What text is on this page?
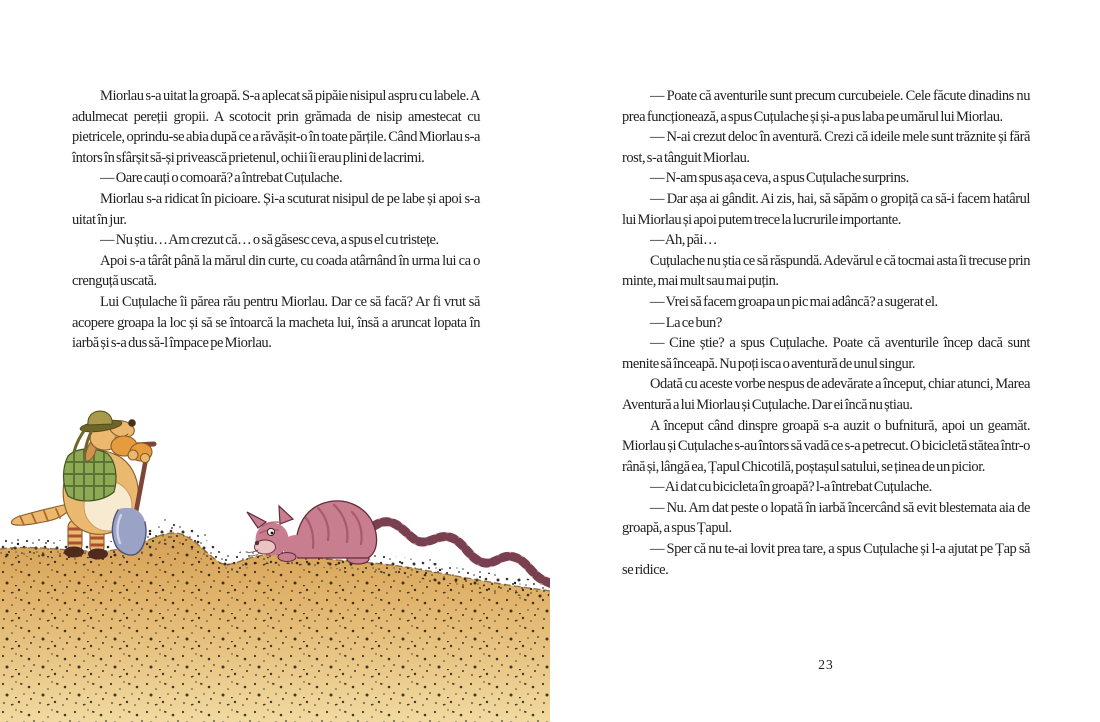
Miorlau s-a uitat la groapă. S-a aplecat să pipăie nisipul aspru cu labele. A adulmecat pereții gropii. A scotocit prin grămada de nisip amestecat cu pietricele, oprindu-se abia după ce a răvășit-o în toate părțile. Când Miorlau s-a întors în sfârșit să-și privească prietenul, ochii îi erau plini de lacrimi.

— Oare cauți o comoară? a întrebat Cuțulache.

Miorlau s-a ridicat în picioare. Și-a scuturat nisipul de pe labe și apoi s-a uitat în jur.

— Nu știu… Am crezut că… o să găsesc ceva, a spus el cu tristețe.

Apoi s-a târât până la mărul din curte, cu coada atârnând în urma lui ca o crenguță uscată.

Lui Cuțulache îi părea rău pentru Miorlau. Dar ce să facă? Ar fi vrut să acopere groapa la loc și să se întoarcă la macheta lui, însă a aruncat lopata în iarbă și s-a dus să-l împace pe Miorlau.

— Poate că aventurile sunt precum curcubeiele. Cele făcute dinadins nu prea funcționează, a spus Cuțulache și și-a pus laba pe umărul lui Miorlau.

— N-ai crezut deloc în aventură. Crezi că ideile mele sunt trăznite și fără rost, s-a tânguit Miorlau.

— N-am spus așa ceva, a spus Cuțulache surprins.

— Dar așa ai gândit. Ai zis, hai, să săpăm o gropiță ca să-i facem hatârul lui Miorlau și apoi putem trece la lucrurile importante.

— Ah, păi…

Cuțulache nu știa ce să răspundă. Adevărul e că tocmai asta îi trecuse prin minte, mai mult sau mai puțin.

— Vrei să facem groapa un pic mai adâncă? a sugerat el.

— La ce bun?

— Cine știe? a spus Cuțulache. Poate că aventurile încep dacă sunt menite să înceapă. Nu poți isca o aventură de unul singur.

Odată cu aceste vorbe nespus de adevărate a început, chiar atunci, Marea Aventură a lui Miorlau și Cuțulache. Dar ei încă nu știau.

A început când dinspre groapă s-a auzit o bufnitură, apoi un geamăt. Miorlau și Cuțulache s-au întors să vadă ce s-a petrecut. O bicicletă stătea într-o rână și, lângă ea, Țapul Chicotilă, poștașul satului, se ținea de un picior.

— Ai dat cu bicicleta în groapă? l-a întrebat Cuțulache.

— Nu. Am dat peste o lopată în iarbă încercând să evit blestemata aia de groapă, a spus Țapul.

— Sper că nu te-ai lovit prea tare, a spus Cuțulache și l-a ajutat pe Țap să se ridice.

23
